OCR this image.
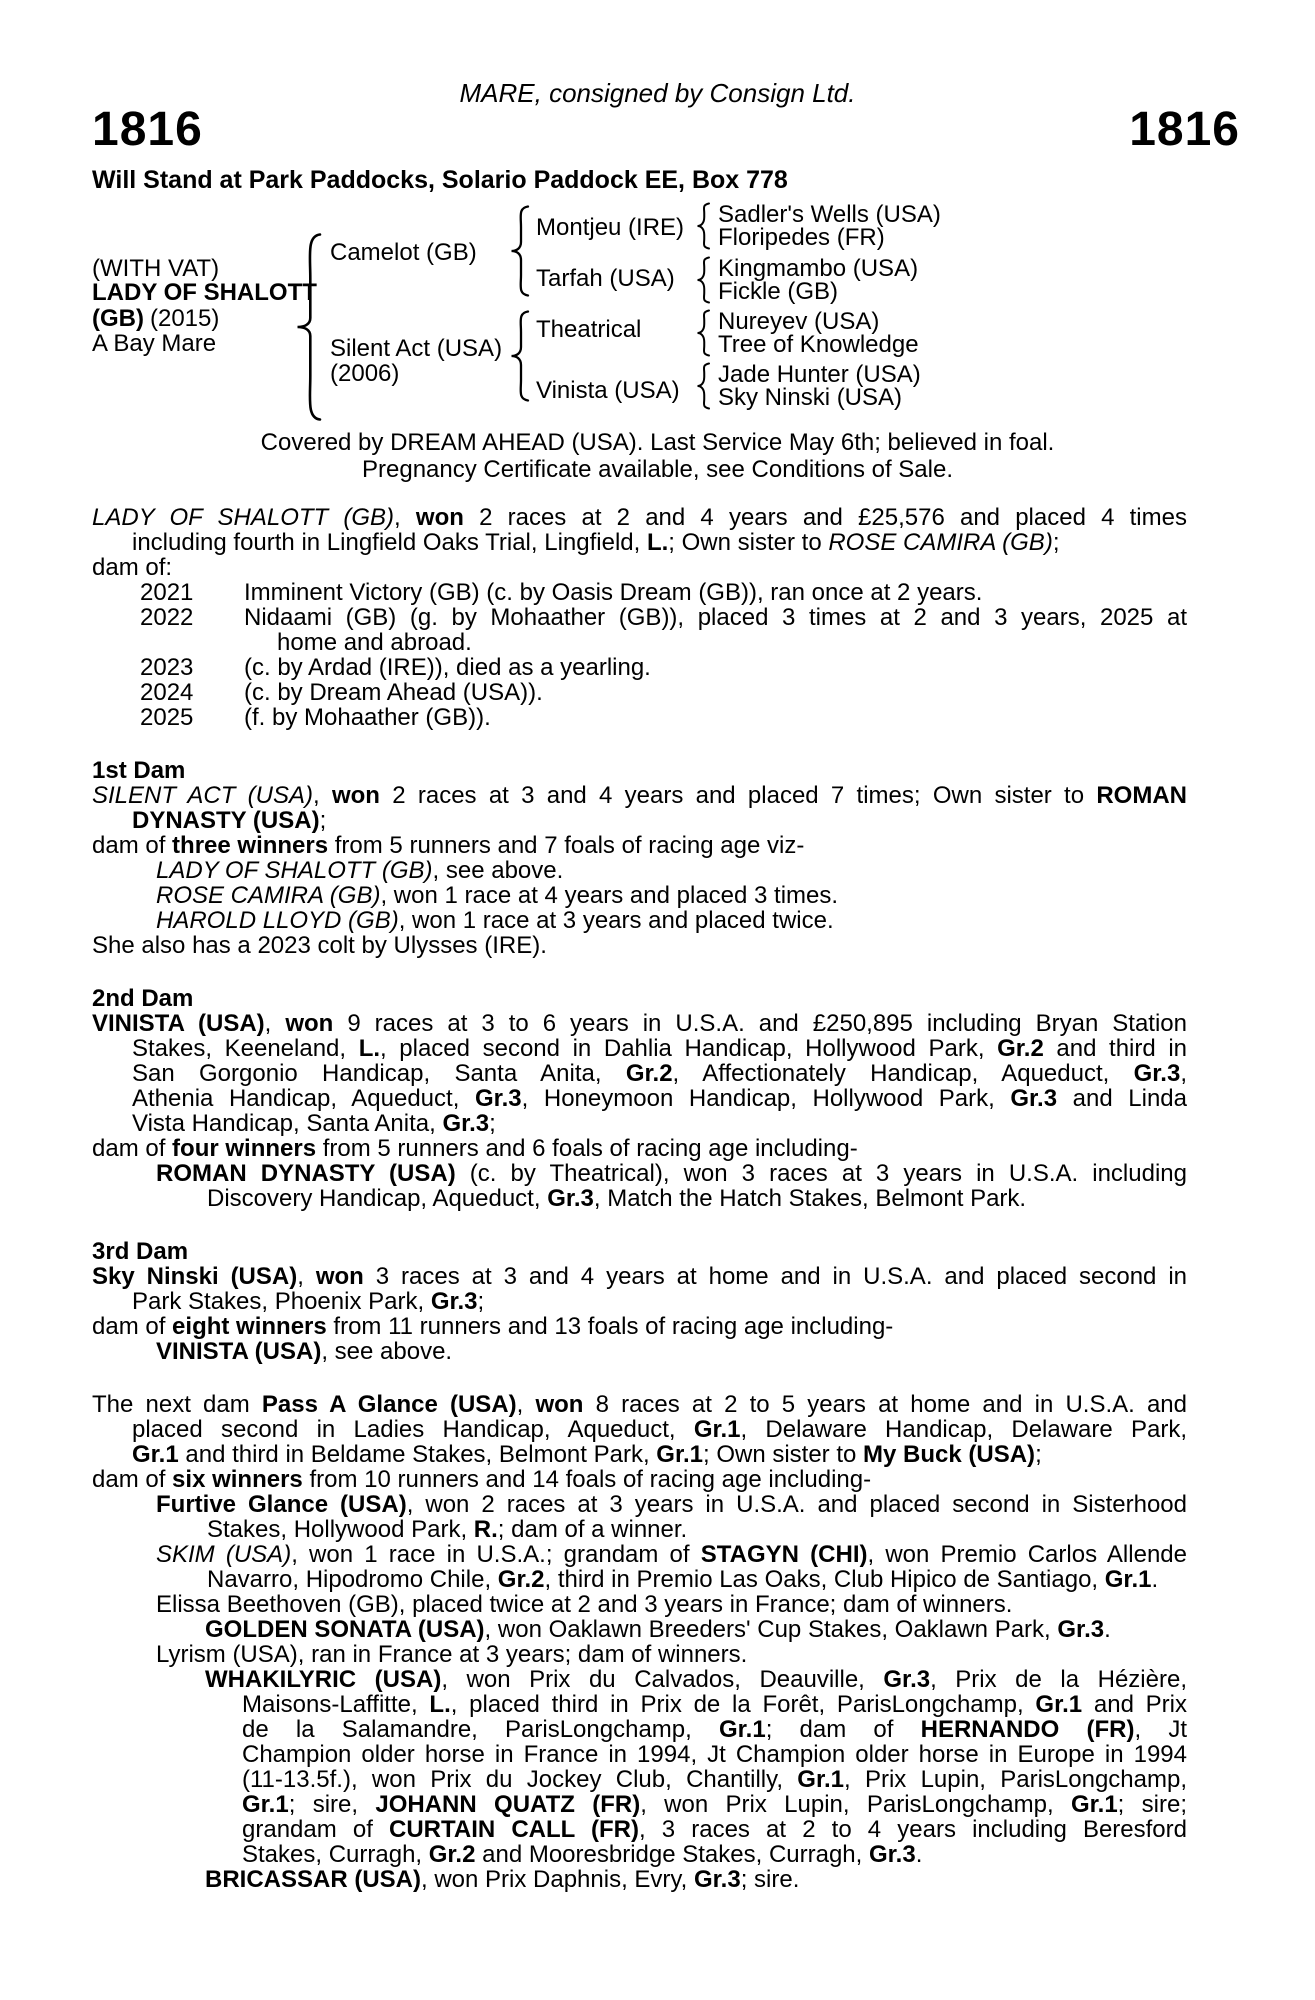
MARE, consigned by Consign Ltd.
1816	1816
Will Stand at Park Paddocks, Solario Paddock EE, Box 778
(WITH VAT)
LADY OF SHALOTT
(GB) (2015)
A Bay Mare
Camelot (GB)
Silent Act (USA)
(2006)
Montjeu (IRE)
Tarfah (USA)
Theatrical
Vinista (USA)
Sadler's Wells (USA)
Floripedes (FR)
Kingmambo (USA)
Fickle (GB)
Nureyev (USA)
Tree of Knowledge
Jade Hunter (USA)
Sky Ninski (USA)
Covered by DREAM AHEAD (USA). Last Service May 6th; believed in foal.
Pregnancy Certificate available, see Conditions of Sale.
LADY OF SHALOTT (GB), won 2 races at 2 and 4 years and £25,576 and placed 4 times
including fourth in Lingfield Oaks Trial, Lingfield, L.; Own sister to ROSE CAMIRA (GB);
dam of:
2021	Imminent Victory (GB) (c. by Oasis Dream (GB)), ran once at 2 years.
2022	Nidaami (GB) (g. by Mohaather (GB)), placed 3 times at 2 and 3 years, 2025 at
home and abroad.
2023	(c. by Ardad (IRE)), died as a yearling.
2024	(c. by Dream Ahead (USA)).
2025	(f. by Mohaather (GB)).
1st Dam
SILENT ACT (USA), won 2 races at 3 and 4 years and placed 7 times; Own sister to ROMAN
DYNASTY (USA);
dam of three winners from 5 runners and 7 foals of racing age viz-
LADY OF SHALOTT (GB), see above.
ROSE CAMIRA (GB), won 1 race at 4 years and placed 3 times.
HAROLD LLOYD (GB), won 1 race at 3 years and placed twice.
She also has a 2023 colt by Ulysses (IRE).
2nd Dam
VINISTA (USA), won 9 races at 3 to 6 years in U.S.A. and £250,895 including Bryan Station
Stakes, Keeneland, L., placed second in Dahlia Handicap, Hollywood Park, Gr.2 and third in
San Gorgonio Handicap, Santa Anita, Gr.2, Affectionately Handicap, Aqueduct, Gr.3,
Athenia Handicap, Aqueduct, Gr.3, Honeymoon Handicap, Hollywood Park, Gr.3 and Linda
Vista Handicap, Santa Anita, Gr.3;
dam of four winners from 5 runners and 6 foals of racing age including-
ROMAN DYNASTY (USA) (c. by Theatrical), won 3 races at 3 years in U.S.A. including
Discovery Handicap, Aqueduct, Gr.3, Match the Hatch Stakes, Belmont Park.
3rd Dam
Sky Ninski (USA), won 3 races at 3 and 4 years at home and in U.S.A. and placed second in
Park Stakes, Phoenix Park, Gr.3;
dam of eight winners from 11 runners and 13 foals of racing age including-
VINISTA (USA), see above.
The next dam Pass A Glance (USA), won 8 races at 2 to 5 years at home and in U.S.A. and
placed second in Ladies Handicap, Aqueduct, Gr.1, Delaware Handicap, Delaware Park,
Gr.1 and third in Beldame Stakes, Belmont Park, Gr.1; Own sister to My Buck (USA);
dam of six winners from 10 runners and 14 foals of racing age including-
Furtive Glance (USA), won 2 races at 3 years in U.S.A. and placed second in Sisterhood
Stakes, Hollywood Park, R.; dam of a winner.
SKIM (USA), won 1 race in U.S.A.; grandam of STAGYN (CHI), won Premio Carlos Allende
Navarro, Hipodromo Chile, Gr.2, third in Premio Las Oaks, Club Hipico de Santiago, Gr.1.
Elissa Beethoven (GB), placed twice at 2 and 3 years in France; dam of winners.
GOLDEN SONATA (USA), won Oaklawn Breeders' Cup Stakes, Oaklawn Park, Gr.3.
Lyrism (USA), ran in France at 3 years; dam of winners.
WHAKILYRIC (USA), won Prix du Calvados, Deauville, Gr.3, Prix de la Hézière,
Maisons-Laffitte, L., placed third in Prix de la Forêt, ParisLongchamp, Gr.1 and Prix
de la Salamandre, ParisLongchamp, Gr.1; dam of HERNANDO (FR), Jt
Champion older horse in France in 1994, Jt Champion older horse in Europe in 1994
(11-13.5f.), won Prix du Jockey Club, Chantilly, Gr.1, Prix Lupin, ParisLongchamp,
Gr.1; sire, JOHANN QUATZ (FR), won Prix Lupin, ParisLongchamp, Gr.1; sire;
grandam of CURTAIN CALL (FR), 3 races at 2 to 4 years including Beresford
Stakes, Curragh, Gr.2 and Mooresbridge Stakes, Curragh, Gr.3.
BRICASSAR (USA), won Prix Daphnis, Evry, Gr.3; sire.
